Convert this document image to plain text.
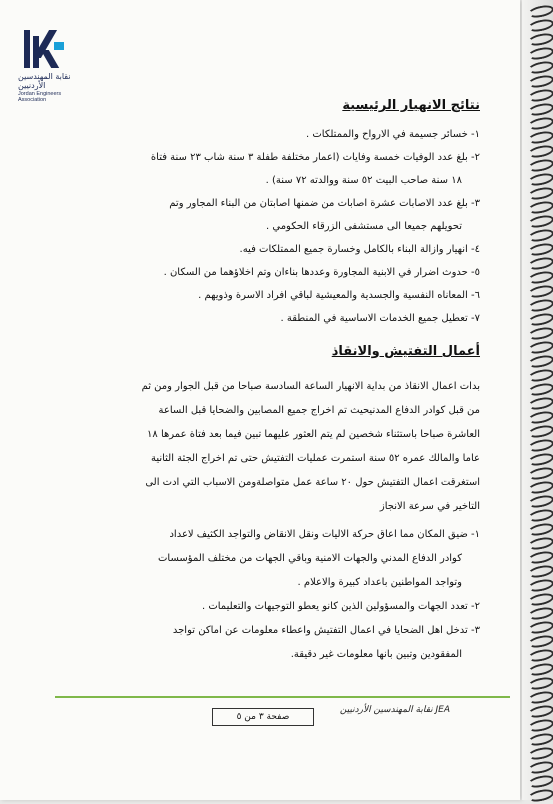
نقابة المهندسين الأردنيين
Jordan Engineers Association	نتائج الانهيار الرئيسية
١- خسائر جسيمة في الارواح والممتلكات .
٢- بلغ عدد الوفيات خمسة وفايات (اعمار مختلفة طفلة ٣ سنة شاب ٢٣ سنة فتاة
١٨ سنة صاحب البيت ٥٢ سنة ووالدته ٧٢ سنة) .
٣- بلغ عدد الاصابات عشرة اصابات من ضمنها اصابتان من البناء المجاور وتم
تحويلهم جميعا الى مستشفى الزرقاء الحكومي .
٤- انهيار وازالة البناء بالكامل وخسارة جميع الممتلكات فيه.
٥- حدوث اضرار في الابنية المجاورة وعددها بناءان وتم اخلاؤهما من السكان .
٦- المعاناه النفسية والجسدية والمعيشية لباقي افراد الاسرة وذويهم .
٧- تعطيل جميع الخدمات الاساسية في المنطقة .
أعمال التفتيش والانقاذ
بدات اعمال الانقاذ من بداية الانهيار الساعة السادسة صباحا من قبل الجوار ومن ثم
من قبل كوادر الدفاع المدنيحيث تم اخراج جميع المصابين والضحايا قبل الساعة
العاشرة صباحا باستثناء شخصين لم يتم العثور عليهما تبين فيما بعد فتاة عمرها ١٨
عاما والمالك عمره ٥٢ سنة استمرت عمليات التفتيش حتى تم اخراج الجثة الثانية
استغرقت اعمال التفتيش حول ٢٠ ساعة عمل متواصلةومن الاسباب التي ادت الى
التاخير في سرعة الانجاز
١- ضيق المكان مما اعاق حركة الاليات ونقل الانقاض والتواجد الكثيف لاعداد
كوادر الدفاع المدني والجهات الامنية وباقي الجهات من مختلف المؤسسات
وتواجد المواطنين باعداد كبيرة والاعلام .
٢- تعدد الجهات والمسؤولين الذين كانو يعطو التوجيهات والتعليمات .
٣- تدخل اهل الضحايا في اعمال التفتيش واعطاء معلومات عن اماكن تواجد
المفقودين وتبين بانها معلومات غير دقيقة.
JEA نقابة المهندسين الأردنيين
صفحة ٣ من ٥
